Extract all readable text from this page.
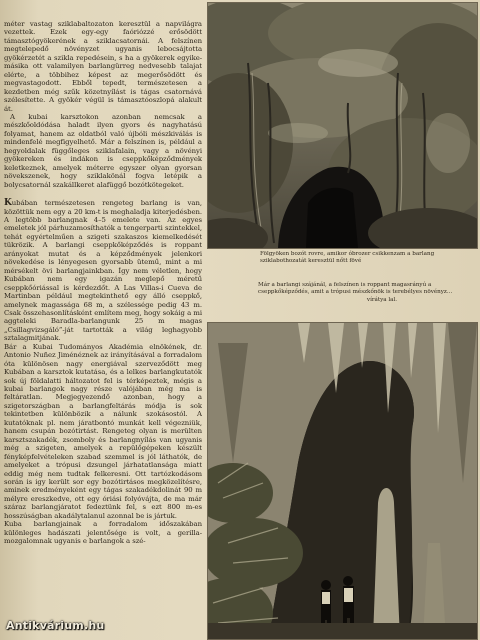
méter vastag sziklabaltozaton keresztül a napvilágra vezettek. Ezek egy-egy faóriózzé erősödött támasztógyökerének a sziklacsatornái. A felszínen megtelepedő növényzet ugyanis lebocsájtotta gyökérzetét a szikla repedésein, s ha a gyökerek egyike-másika ott valamilyen barlangürreg nedvesebb talajat elérte, a többihez képest az megerősödött és megvastagodott. Ebből tepedt, természetesen a kezdetben még szűk közetnyílást is tágas csatornává szélesítette. A gyökér végül is támasztóoszlopá alakult át.

A kubai karsztokon azonban nemcsak a mészkőoldódása haladt ilyen gyors és nagyhatású folyamat, hanem az oldatból való újbóli mészkiválás is mindenfelé megfigyelhető. Már a felszínen is, például a hegyoldalak függőleges sziklafalain, vagy a növényi gyökereken és indákon is cseppkőképződmények keletkeznek, amelyek méterre egyszer olyan gyorsan növekszenek, hogy sziklakönál fogva letépik a bolycsatornál szakállkeret alafüggő bozótkötegeket.

Kubában természetesen rengeteg barlang is van, közöttük nem egy a 20 km-t is meghaladja kiterjedésben. A legtöbb barlangnak 4–5 emelete van. Az egyes emeletek jól párhuzamosíthatók a tengerparti szintekkel, tehát egyértelműen a szigeti szakaszos kiemelkedését tükrözik. A barlangi cseppkőképződés is roppant arányokat mutat és a képződmények jelenkori növekedése is lényegesen gyorsabb ütemű, mint a mi mérsékelt övi barlangjainkban. Így nem véletlen, hogy Kubában nem egy igazán meglepő méretű cseppkőóriással is kérdezdőt. A Las Villas-i Cueva de Martinban például megtekinthető egy álló cseppkő, amelynek magassága 68 m, a szélessége pedig 43 m. Csak összehasonlításként említem meg, hogy sokáig a mi aggteleki Baradla-barlangunk 25 m magas „Csillagvizsgáló”-ját tartották a világ leghagyobb sztalagmitjának.

Bár a Kubai Tudományos Akadémia elnökének, dr. Antonio Nuñez Jiménéznek az irányításával a forradalom óta különösen nagy energiával szerveződött meg Kubában a karsztok kutatása, és a lelkes barlangkutatók sok új földalatti háltozatot fel is térképeztek, mégis a kubai barlangok nagy része valójában még ma is feltáratlan. Megjegyezendő azonban, hogy a szigetországban a barlangfeltárás módja is sok tekintetben különbözik a nálunk szokásostól. A kutatóknak pl. nem járatbontó munkát kell végezniük, hanem csupán bozótirtást. Rengeteg olyan is merülten karsztszakadék, zsomboly és barlangnyílás van ugyanis még a szigeten, amelyek a repülőgépeken készült fényképfelvételeken szabad szemmel is jól láthatók, de amelyeket a trópusi dzsungel járhatatlansága miatt eddig még nem tudtak felkeresni. Ott tartózkodásom során is igy került sor egy bozótirtásos megközelítésre, aminek eredményeként egy tágas szakadékdolinát 90 m mélyre ereszkedve, ott egy óriási folyóvájta, de ma már száraz barlangjáratot fedeztünk fel, s ezt 800 m-es hosszúságban akadálytalanul azonnal be is jártuk.

Kuba barlangjainak a forradalom időszakában különleges hadászati jelentősége is volt, a gerilla-mozgalomnak ugyanis e barlangok a szé-

Fölgyöken bozót rovre, amikor óbrozer csikkenzam a barlang sziklabothozatát keresztül nőtt fövé
Már a barlangi szájánál, a felszínen is roppant magasrányú a cseppkőképződés, amit a trópusi mészkőnök is terebélyes növényz...
vírátya lal.
Antikvárium.hu
